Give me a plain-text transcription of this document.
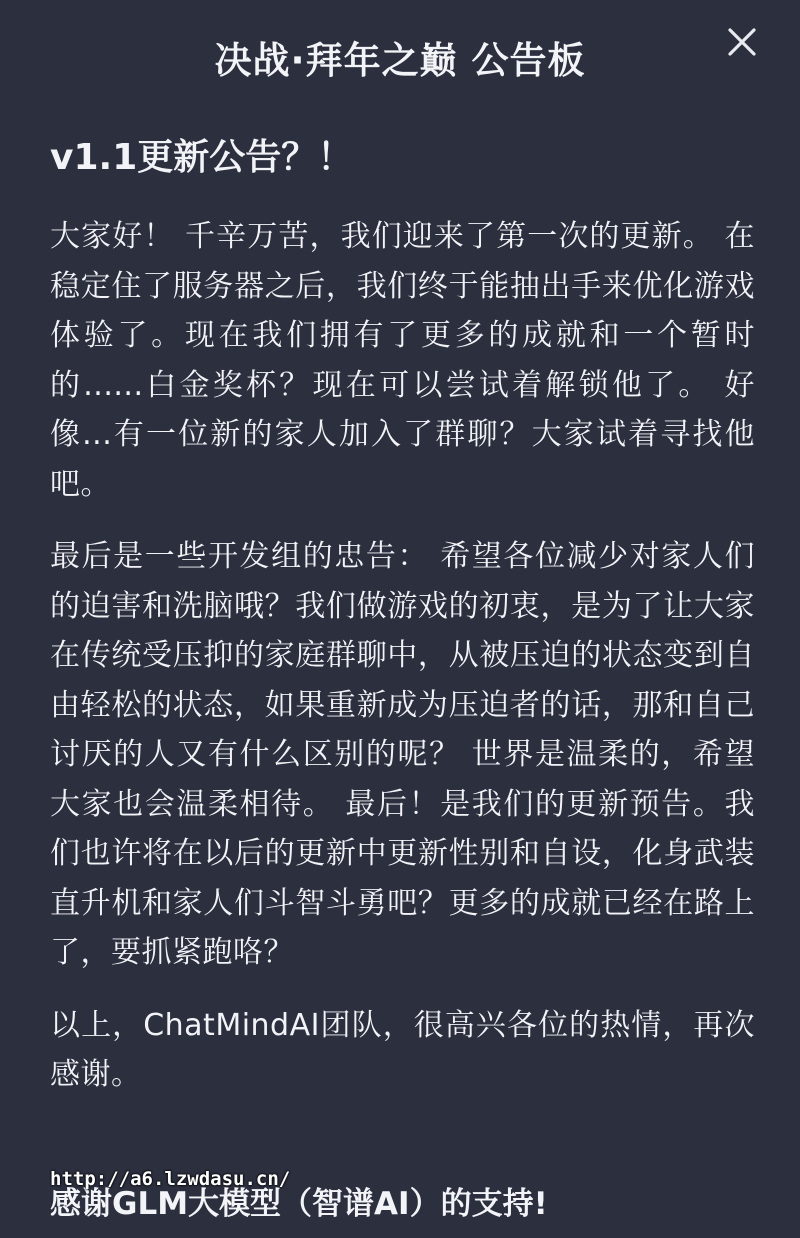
决战·拜年之巅 公告板
v1.1更新公告？！

大家好！ 千辛万苦，我们迎来了第一次的更新。 在稳定住了服务器之后，我们终于能抽出手来优化游戏体验了。现在我们拥有了更多的成就和一个暂时的......白金奖杯？现在可以尝试着解锁他了。 好像...有一位新的家人加入了群聊？大家试着寻找他吧。

最后是一些开发组的忠告： 希望各位减少对家人们的迫害和洗脑哦？我们做游戏的初衷，是为了让大家在传统受压抑的家庭群聊中，从被压迫的状态变到自由轻松的状态，如果重新成为压迫者的话，那和自己讨厌的人又有什么区别的呢？ 世界是温柔的，希望大家也会温柔相待。 最后！是我们的更新预告。我们也许将在以后的更新中更新性别和自设，化身武装直升机和家人们斗智斗勇吧？更多的成就已经在路上了，要抓紧跑咯？

以上，ChatMindAI团队，很高兴各位的热情，再次感谢。

感谢GLM大模型（智谱AI）的支持!
http://a6.lzwdasu.cn/
